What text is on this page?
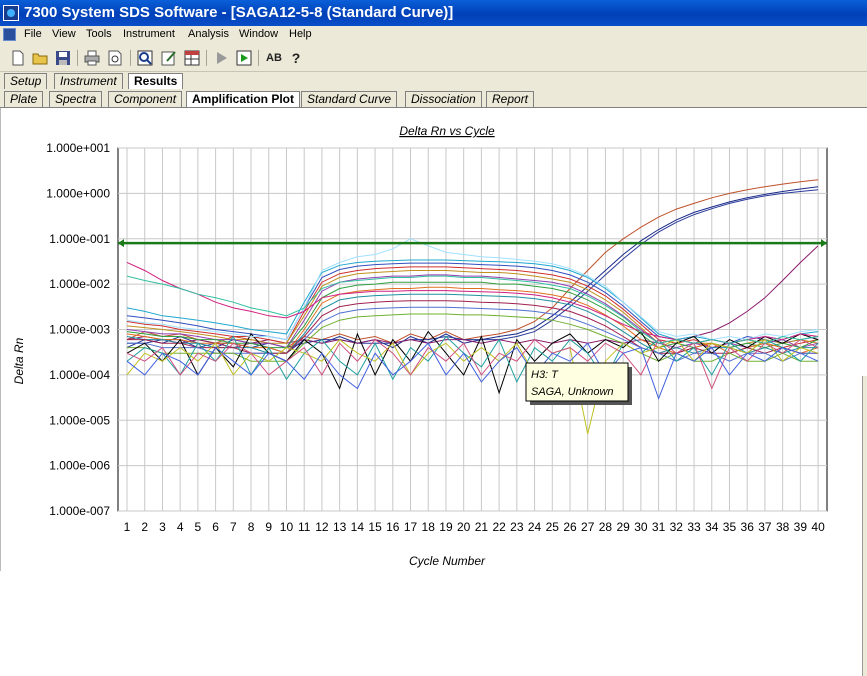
7300 System SDS Software - [SAGA12-5-8 (Standard Curve)]
File View Tools Instrument Analysis Window Help
AB ?
Setup	Instrument	Results
Plate	Spectra	Component	Amplification Plot	Standard Curve	Dissociation	Report
Delta Rn vs Cycle
Delta Rn
Cycle Number
1.000e-007
1.000e-006
1.000e-005
1.000e-004
1.000e-003
1.000e-002
1.000e-001
1.000e+000
1.000e+001
1 2 3 4 5 6 7 8 9 10 11 12 13 14 15 16 17 18 19 20 21 22 23 24 25 26 27 28 29 30 31 32 33 34 35 36 37 38 39 40
H3: T
SAGA, Unknown
